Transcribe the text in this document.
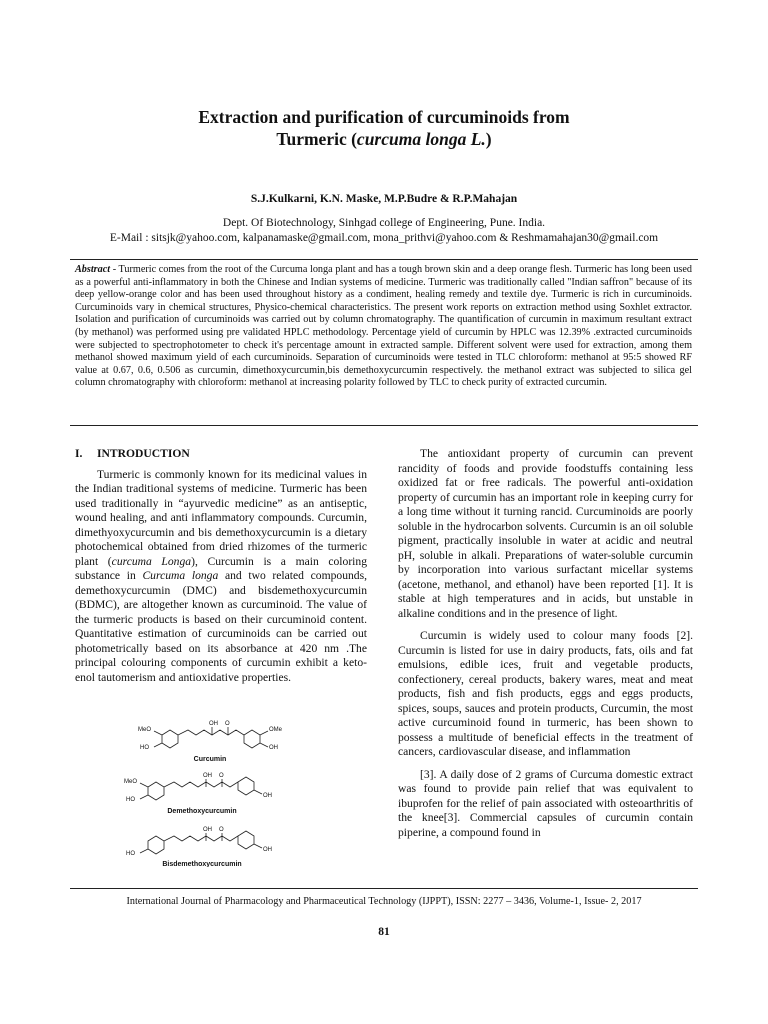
Extraction and purification of curcuminoids from
Turmeric (curcuma longa L.)
S.J.Kulkarni, K.N. Maske, M.P.Budre & R.P.Mahajan
Dept. Of Biotechnology, Sinhgad college of Engineering, Pune. India.
E-Mail : sitsjk@yahoo.com, kalpanamaske@gmail.com, mona_prithvi@yahoo.com & Reshmamahajan30@gmail.com
Abstract - Turmeric comes from the root of the Curcuma longa plant and has a tough brown skin and a deep orange flesh. Turmeric has long been used as a powerful anti-inflammatory in both the Chinese and Indian systems of medicine. Turmeric was traditionally called "Indian saffron" because of its deep yellow-orange color and has been used throughout history as a condiment, healing remedy and textile dye. Turmeric is rich in curcuminoids. Curcuminoids vary in chemical structures, Physico-chemical characteristics. The present work reports on extraction method using Soxhlet extractor. Isolation and purification of curcuminoids was carried out by column chromatography. The quantification of curcumin in maximum resultant extract (by methanol) was performed using pre validated HPLC methodology. Percentage yield of curcumin by HPLC was 12.39% .extracted curcuminoids were subjected to spectrophotometer to check it's percentage amount in extracted sample. Different solvent were used for extraction, among them methanol showed maximum yield of each curcuminoids. Separation of curcuminoids were tested in TLC chloroform: methanol at 95:5 showed RF value at 0.67, 0.6, 0.506 as curcumin, dimethoxycurcumin,bis demethoxycurcumin respectively. the methanol extract was subjected to silica gel column chromatography with chloroform: methanol at increasing polarity followed by TLC to check purity of extracted curcumin.
I. INTRODUCTION

Turmeric is commonly known for its medicinal values in the Indian traditional systems of medicine. Turmeric has been used traditionally in “ayurvedic medicine” as an antiseptic, wound healing, and anti inflammatory compounds. Curcumin, dimethyoxycurcumin and bis demethoxycurcumin is a dietary photochemical obtained from dried rhizomes of the turmeric plant (curcuma Longa), Curcumin is a main coloring substance in Curcuma longa and two related compounds, demethoxycurcumin (DMC) and bisdemethoxycurcumin (BDMC), are altogether known as curcuminoid. The value of the turmeric products is based on their curcuminoid content. Quantitative estimation of curcuminoids can be carried out photometrically based on its absorbance at 420 nm .The principal colouring components of curcumin exhibit a keto-enol tautomerism and antioxidative properties.

OH O
MeO
HO
OMe
OH
OH O
MeO
HO
OH
OH O
HO
OH
Curcumin
Demethoxycurcumin
Bisdemethoxycurcumin

The antioxidant property of curcumin can prevent rancidity of foods and provide foodstuffs containing less oxidized fat or free radicals. The powerful anti-oxidation property of curcumin has an important role in keeping curry for a long time without it turning rancid. Curcuminoids are poorly soluble in the hydrocarbon solvents. Curcumin is an oil soluble pigment, practically insoluble in water at acidic and neutral pH, soluble in alkali. Preparations of water-soluble curcumin by incorporation into various surfactant micellar systems (acetone, methanol, and ethanol) have been reported [1]. It is stable at high temperatures and in acids, but unstable in alkaline conditions and in the presence of light.

Curcumin is widely used to colour many foods [2]. Curcumin is listed for use in dairy products, fats, oils and fat emulsions, edible ices, fruit and vegetable products, confectionery, cereal products, bakery wares, meat and meat products, fish and fish products, eggs and eggs products, spices, soups, sauces and protein products, Curcumin, the most active curcuminoid found in turmeric, has been shown to possess a multitude of beneficial effects in the treatment of cancers, cardiovascular disease, and inflammation

[3]. A daily dose of 2 grams of Curcuma domestic extract was found to provide pain relief that was equivalent to ibuprofen for the relief of pain associated with osteoarthritis of the knee[3]. Commercial capsules of curcumin contain piperine, a compound found in

International Journal of Pharmacology and Pharmaceutical Technology (IJPPT), ISSN: 2277 – 3436, Volume-1, Issue- 2, 2017
81
